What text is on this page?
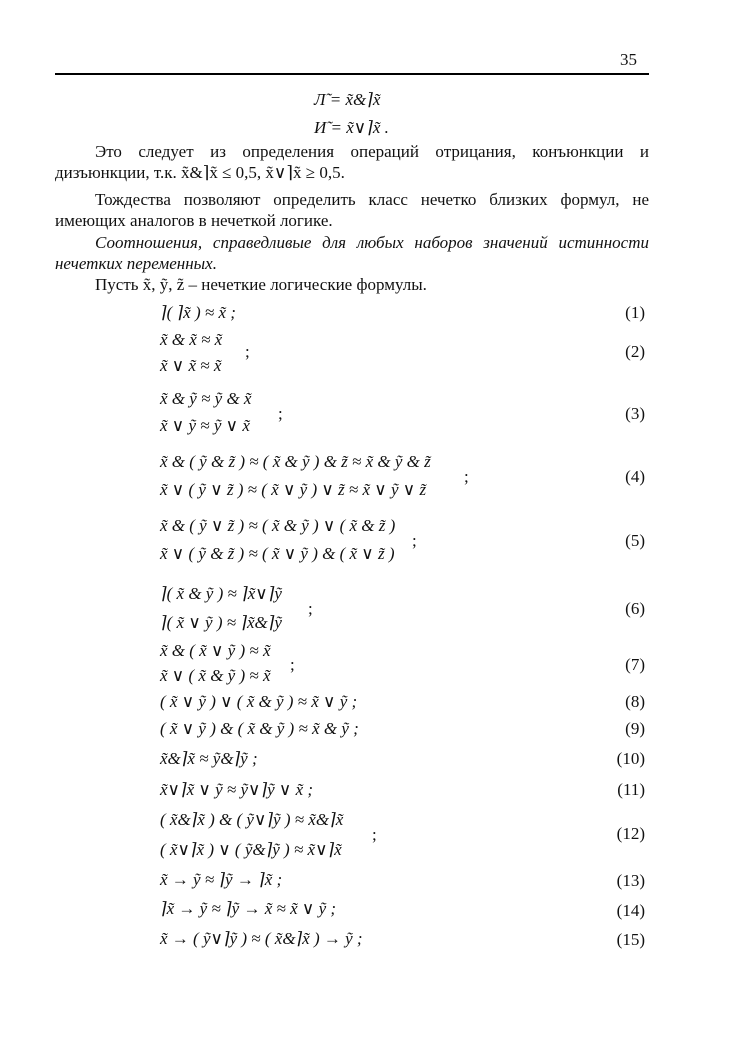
35
Л̃ = x̃&⌉x̃
И̃ = x̃∨⌉x̃ .
Это следует из определения операций отрицания, конъюнкции и дизъюнкции, т.к. x̃&⌉x̃ ≤ 0,5, x̃∨⌉x̃ ≥ 0,5.
Тождества позволяют определить класс нечетко близких формул, не имеющих аналогов в нечеткой логике.
Соотношения, справедливые для любых наборов значений истинности нечетких переменных.
Пусть x̃, ỹ, z̃ – нечеткие логические формулы.
⌉( ⌉x̃ ) ≈ x̃ ;	(1)
x̃ & x̃ ≈ x̃
x̃ ∨ x̃ ≈ x̃
;	(2)
x̃ & ỹ ≈ ỹ & x̃
x̃ ∨ ỹ ≈ ỹ ∨ x̃
;	(3)
x̃ & ( ỹ & z̃ ) ≈ ( x̃ & ỹ ) & z̃ ≈ x̃ & ỹ & z̃
x̃ ∨ ( ỹ ∨ z̃ ) ≈ ( x̃ ∨ ỹ ) ∨ z̃ ≈ x̃ ∨ ỹ ∨ z̃
;	(4)
x̃ & ( ỹ ∨ z̃ ) ≈ ( x̃ & ỹ ) ∨ ( x̃ & z̃ )
x̃ ∨ ( ỹ & z̃ ) ≈ ( x̃ ∨ ỹ ) & ( x̃ ∨ z̃ )
;	(5)
⌉( x̃ & ỹ ) ≈ ⌉x̃∨⌉ỹ
⌉( x̃ ∨ ỹ ) ≈ ⌉x̃&⌉ỹ
;	(6)
x̃ & ( x̃ ∨ ỹ ) ≈ x̃
x̃ ∨ ( x̃ & ỹ ) ≈ x̃
;	(7)
( x̃ ∨ ỹ ) ∨ ( x̃ & ỹ ) ≈ x̃ ∨ ỹ ;	(8)
( x̃ ∨ ỹ ) & ( x̃ & ỹ ) ≈ x̃ & ỹ ;	(9)
x̃&⌉x̃ ≈ ỹ&⌉ỹ ;	(10)
x̃∨⌉x̃ ∨ ỹ ≈ ỹ∨⌉ỹ ∨ x̃ ;	(11)
( x̃&⌉x̃ ) & ( ỹ∨⌉ỹ ) ≈ x̃&⌉x̃
( x̃∨⌉x̃ ) ∨ ( ỹ&⌉ỹ ) ≈ x̃∨⌉x̃
;	(12)
x̃ → ỹ ≈ ⌉ỹ → ⌉x̃ ;	(13)
⌉x̃ → ỹ ≈ ⌉ỹ → x̃ ≈ x̃ ∨ ỹ ;	(14)
x̃ → ( ỹ∨⌉ỹ ) ≈ ( x̃&⌉x̃ ) → ỹ ;	(15)
